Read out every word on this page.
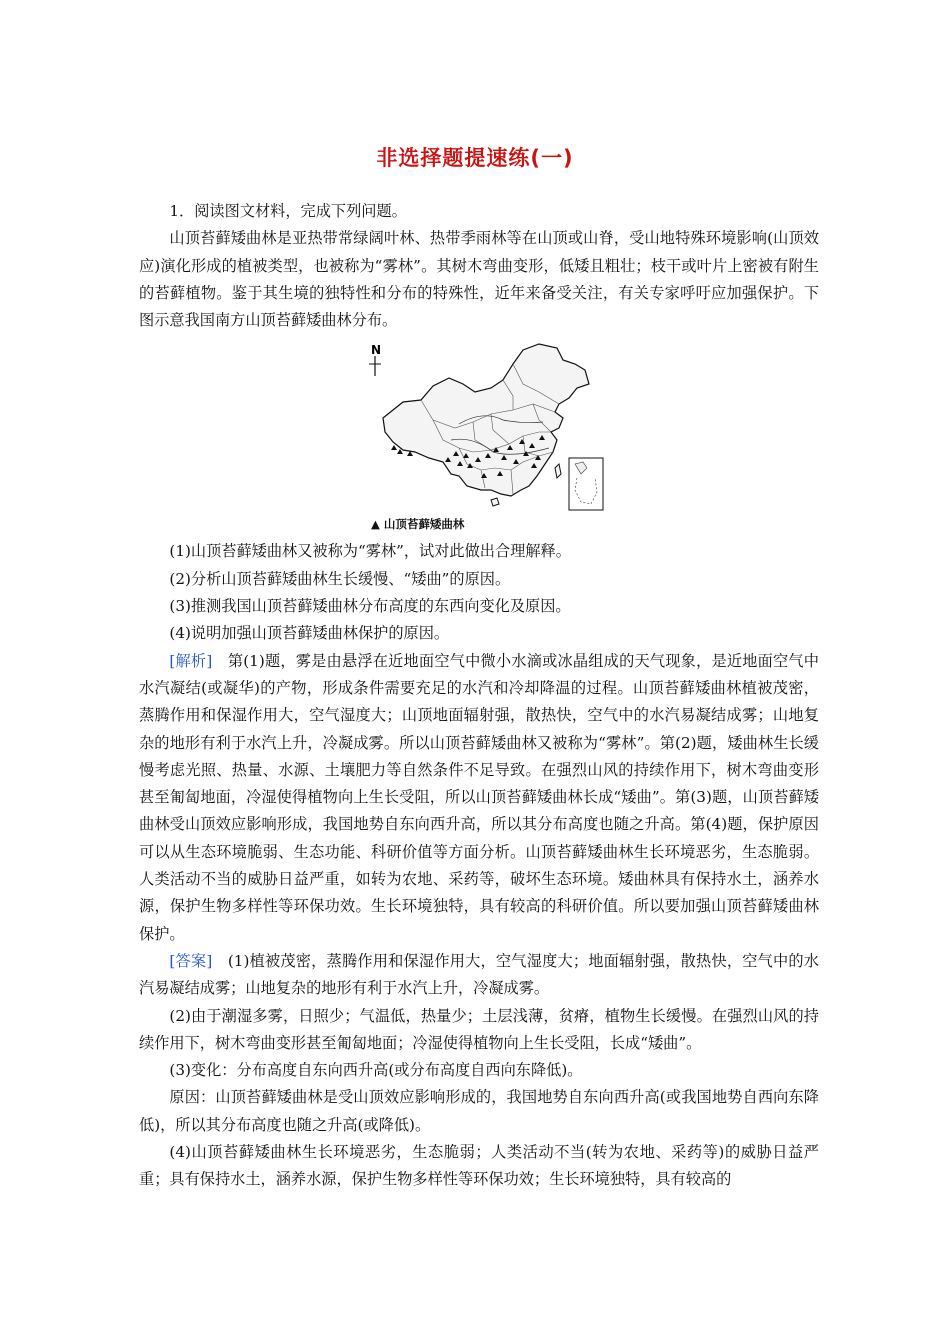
非选择题提速练(一)

1．阅读图文材料，完成下列问题。

山顶苔藓矮曲林是亚热带常绿阔叶林、热带季雨林等在山顶或山脊，受山地特殊环境影响(山顶效应)演化形成的植被类型，也被称为“雾林”。其树木弯曲变形，低矮且粗壮；枝干或叶片上密被有附生的苔藓植物。鉴于其生境的独特性和分布的特殊性，近年来备受关注，有关专家呼吁应加强保护。下图示意我国南方山顶苔藓矮曲林分布。

N
▲ 山顶苔藓矮曲林

(1)山顶苔藓矮曲林又被称为“雾林”，试对此做出合理解释。

(2)分析山顶苔藓矮曲林生长缓慢、“矮曲”的原因。

(3)推测我国山顶苔藓矮曲林分布高度的东西向变化及原因。

(4)说明加强山顶苔藓矮曲林保护的原因。

[解析]　第(1)题，雾是由悬浮在近地面空气中微小水滴或冰晶组成的天气现象，是近地面空气中水汽凝结(或凝华)的产物，形成条件需要充足的水汽和冷却降温的过程。山顶苔藓矮曲林植被茂密，蒸腾作用和保湿作用大，空气湿度大；山顶地面辐射强，散热快，空气中的水汽易凝结成雾；山地复杂的地形有利于水汽上升，冷凝成雾。所以山顶苔藓矮曲林又被称为“雾林”。第(2)题，矮曲林生长缓慢考虑光照、热量、水源、土壤肥力等自然条件不足导致。在强烈山风的持续作用下，树木弯曲变形甚至匍匐地面，冷湿使得植物向上生长受阻，所以山顶苔藓矮曲林长成“矮曲”。第(3)题，山顶苔藓矮曲林受山顶效应影响形成，我国地势自东向西升高，所以其分布高度也随之升高。第(4)题，保护原因可以从生态环境脆弱、生态功能、科研价值等方面分析。山顶苔藓矮曲林生长环境恶劣，生态脆弱。人类活动不当的威胁日益严重，如转为农地、采药等，破坏生态环境。矮曲林具有保持水土，涵养水源，保护生物多样性等环保功效。生长环境独特，具有较高的科研价值。所以要加强山顶苔藓矮曲林保护。

[答案]　(1)植被茂密，蒸腾作用和保湿作用大，空气湿度大；地面辐射强，散热快，空气中的水汽易凝结成雾；山地复杂的地形有利于水汽上升，冷凝成雾。

(2)由于潮湿多雾，日照少；气温低，热量少；土层浅薄，贫瘠，植物生长缓慢。在强烈山风的持续作用下，树木弯曲变形甚至匍匐地面；冷湿使得植物向上生长受阻，长成“矮曲”。

(3)变化：分布高度自东向西升高(或分布高度自西向东降低)。

原因：山顶苔藓矮曲林是受山顶效应影响形成的，我国地势自东向西升高(或我国地势自西向东降低)，所以其分布高度也随之升高(或降低)。

(4)山顶苔藓矮曲林生长环境恶劣，生态脆弱；人类活动不当(转为农地、采药等)的威胁日益严重；具有保持水土，涵养水源，保护生物多样性等环保功效；生长环境独特，具有较高的
